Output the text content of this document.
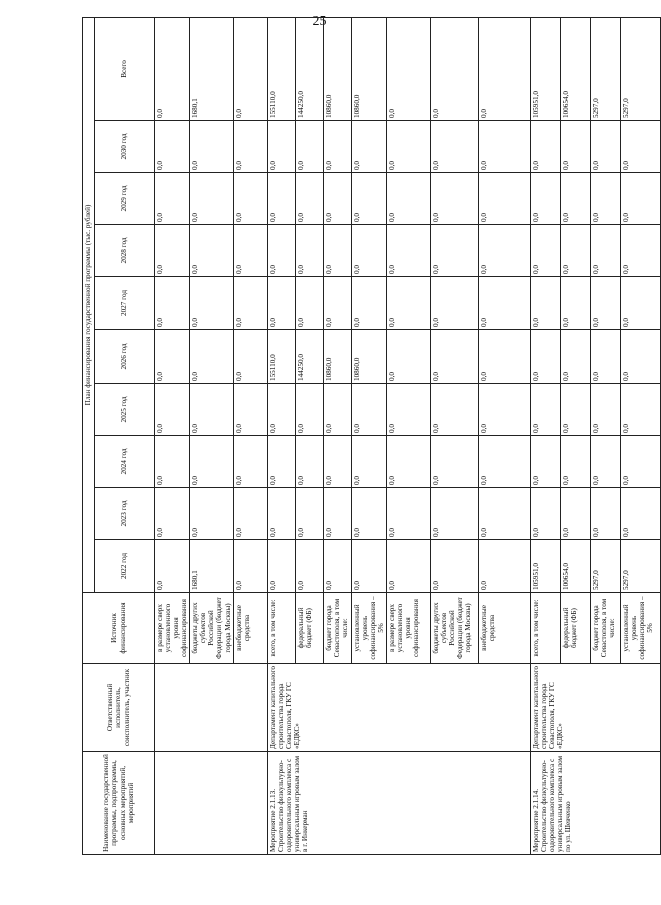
25
Наименование государственной программы, подпрограммы, основных мероприятий, мероприятий	Ответственный исполнитель, соисполнитель, участник	Источник финансирования	План финансирования государственной программы (тыс. рублей)									
			2022 год	2023 год	2024 год	2025 год	2026 год	2027 год	2028 год	2029 год	2030 год	Всего
		в размере сверх установленного уровня софинансирования	0,0	0,0	0,0	0,0	0,0	0,0	0,0	0,0	0,0	0,0
		бюджеты других субъектов Российской Федерации (бюджет города Москвы)	1680,1	0,0	0,0	0,0	0,0	0,0	0,0	0,0	0,0	1680,1
		внебюджетные средства	0,0	0,0	0,0	0,0	0,0	0,0	0,0	0,0	0,0	0,0
Мероприятие 2.1.13. Строительство физкультурно-оздоровительного комплекса с универсальным игровым залом в г. Инкерман	Департамент капитального строительства города Севастополя, ГКУ ГС «ЕДКС»	всего, в том числе:	0,0	0,0	0,0	0,0	155110,0	0,0	0,0	0,0	0,0	155110,0
		федеральный бюджет (ФБ)	0,0	0,0	0,0	0,0	144250,0	0,0	0,0	0,0	0,0	144250,0
		бюджет города Севастополя, в том числе:	0,0	0,0	0,0	0,0	10860,0	0,0	0,0	0,0	0,0	10860,0
		установленный уровень софинансирования – 5%	0,0	0,0	0,0	0,0	10860,0	0,0	0,0	0,0	0,0	10860,0
		в размере сверх установленного уровня софинансирования	0,0	0,0	0,0	0,0	0,0	0,0	0,0	0,0	0,0	0,0
		бюджеты других субъектов Российской Федерации (бюджет города Москвы)	0,0	0,0	0,0	0,0	0,0	0,0	0,0	0,0	0,0	0,0
		внебюджетные средства	0,0	0,0	0,0	0,0	0,0	0,0	0,0	0,0	0,0	0,0
Мероприятие 2.1.14. Строительство физкультурно-оздоровительного комплекса с универсальным игровым залом по ул. Шевченко	Департамент капитального строительства города Севастополя, ГКУ ГС «ЕДКС»	всего, в том числе:	105951,0	0,0	0,0	0,0	0,0	0,0	0,0	0,0	0,0	105951,0
		федеральный бюджет (ФБ)	100654,0	0,0	0,0	0,0	0,0	0,0	0,0	0,0	0,0	100654,0
		бюджет города Севастополя, в том числе:	5297,0	0,0	0,0	0,0	0,0	0,0	0,0	0,0	0,0	5297,0
		установленный уровень софинансирования – 5%	5297,0	0,0	0,0	0,0	0,0	0,0	0,0	0,0	0,0	5297,0
